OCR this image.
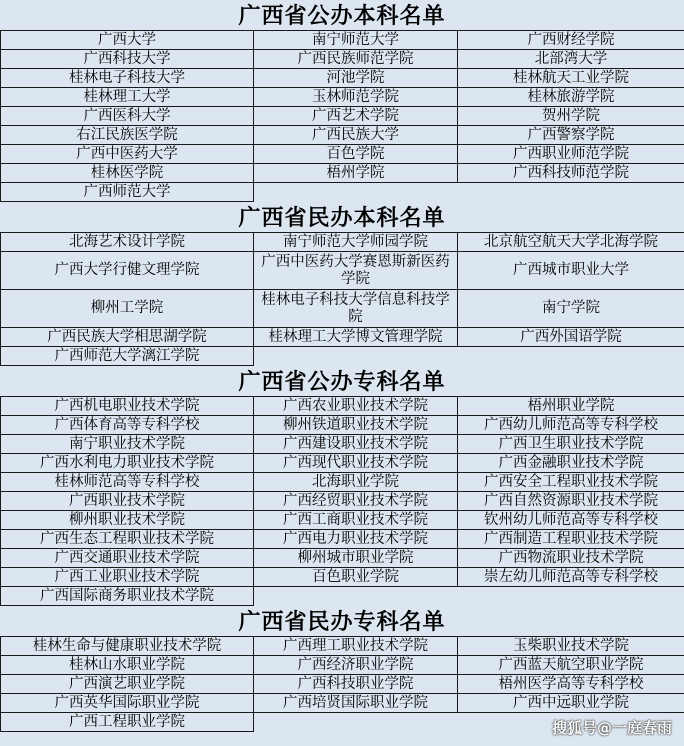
广西省公办本科名单
广西大学	南宁师范大学	广西财经学院
广西科技大学	广西民族师范学院	北部湾大学
桂林电子科技大学	河池学院	桂林航天工业学院
桂林理工大学	玉林师范学院	桂林旅游学院
广西医科大学	广西艺术学院	贺州学院
右江民族医学院	广西民族大学	广西警察学院
广西中医药大学	百色学院	广西职业师范学院
桂林医学院	梧州学院	广西科技师范学院
广西师范大学		
广西省民办本科名单
北海艺术设计学院	南宁师范大学师园学院	北京航空航天大学北海学院
广西大学行健文理学院	广西中医药大学赛恩斯新医药学院	广西城市职业大学
柳州工学院	桂林电子科技大学信息科技学院	南宁学院
广西民族大学相思湖学院	桂林理工大学博文管理学院	广西外国语学院
广西师范大学漓江学院		
广西省公办专科名单
广西机电职业技术学院	广西农业职业技术学院	梧州职业学院
广西体育高等专科学校	柳州铁道职业技术学院	广西幼儿师范高等专科学校
南宁职业技术学院	广西建设职业技术学院	广西卫生职业技术学院
广西水利电力职业技术学院	广西现代职业技术学院	广西金融职业技术学院
桂林师范高等专科学校	北海职业学院	广西安全工程职业技术学院
广西职业技术学院	广西经贸职业技术学院	广西自然资源职业技术学院
柳州职业技术学院	广西工商职业技术学院	钦州幼儿师范高等专科学校
广西生态工程职业技术学院	广西电力职业技术学院	广西制造工程职业技术学院
广西交通职业技术学院	柳州城市职业学院	广西物流职业技术学院
广西工业职业技术学院	百色职业学院	崇左幼儿师范高等专科学校
广西国际商务职业技术学院		
广西省民办专科名单
桂林生命与健康职业技术学院	广西理工职业技术学院	玉柴职业技术学院
桂林山水职业学院	广西经济职业学院	广西蓝天航空职业学院
广西演艺职业学院	广西科技职业学院	梧州医学高等专科学校
广西英华国际职业学院	广西培贤国际职业学院	广西中远职业学院
广西工程职业学院			搜狐号@一庭春雨
